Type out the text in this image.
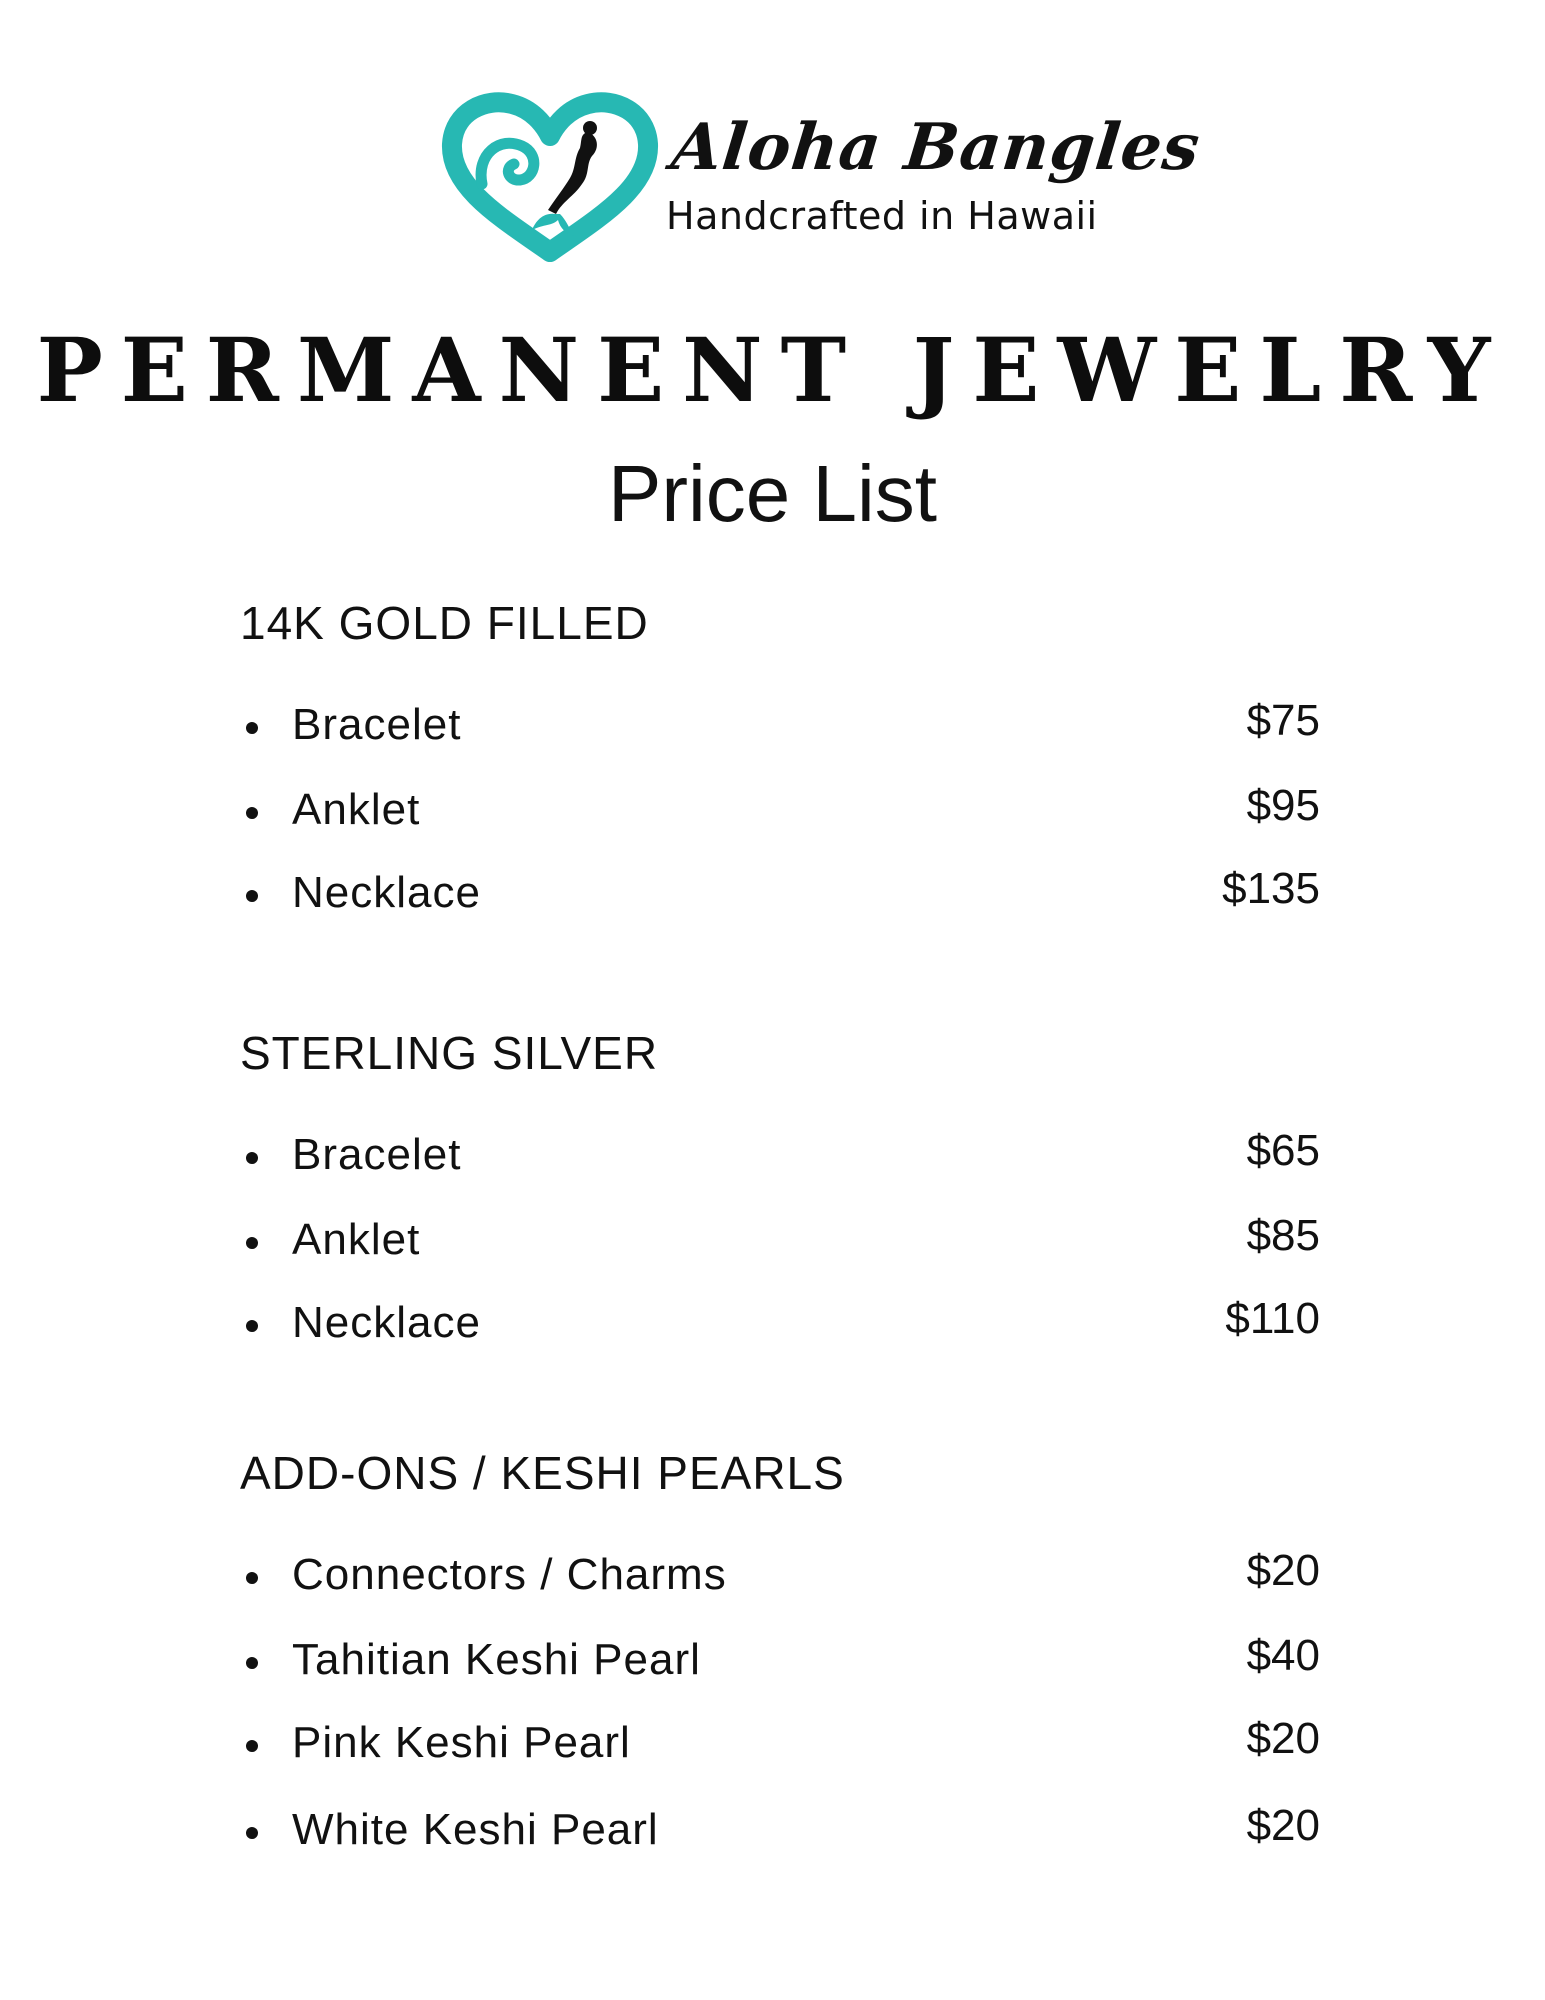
Aloha Bangles
Handcrafted in Hawaii
PERMANENT JEWELRY
Price List
14K GOLD FILLED
Bracelet	$75
Anklet	$95
Necklace	$135
STERLING SILVER
Bracelet	$65
Anklet	$85
Necklace	$110
ADD-ONS / KESHI PEARLS
Connectors / Charms	$20
Tahitian Keshi Pearl	$40
Pink Keshi Pearl	$20
White Keshi Pearl	$20
